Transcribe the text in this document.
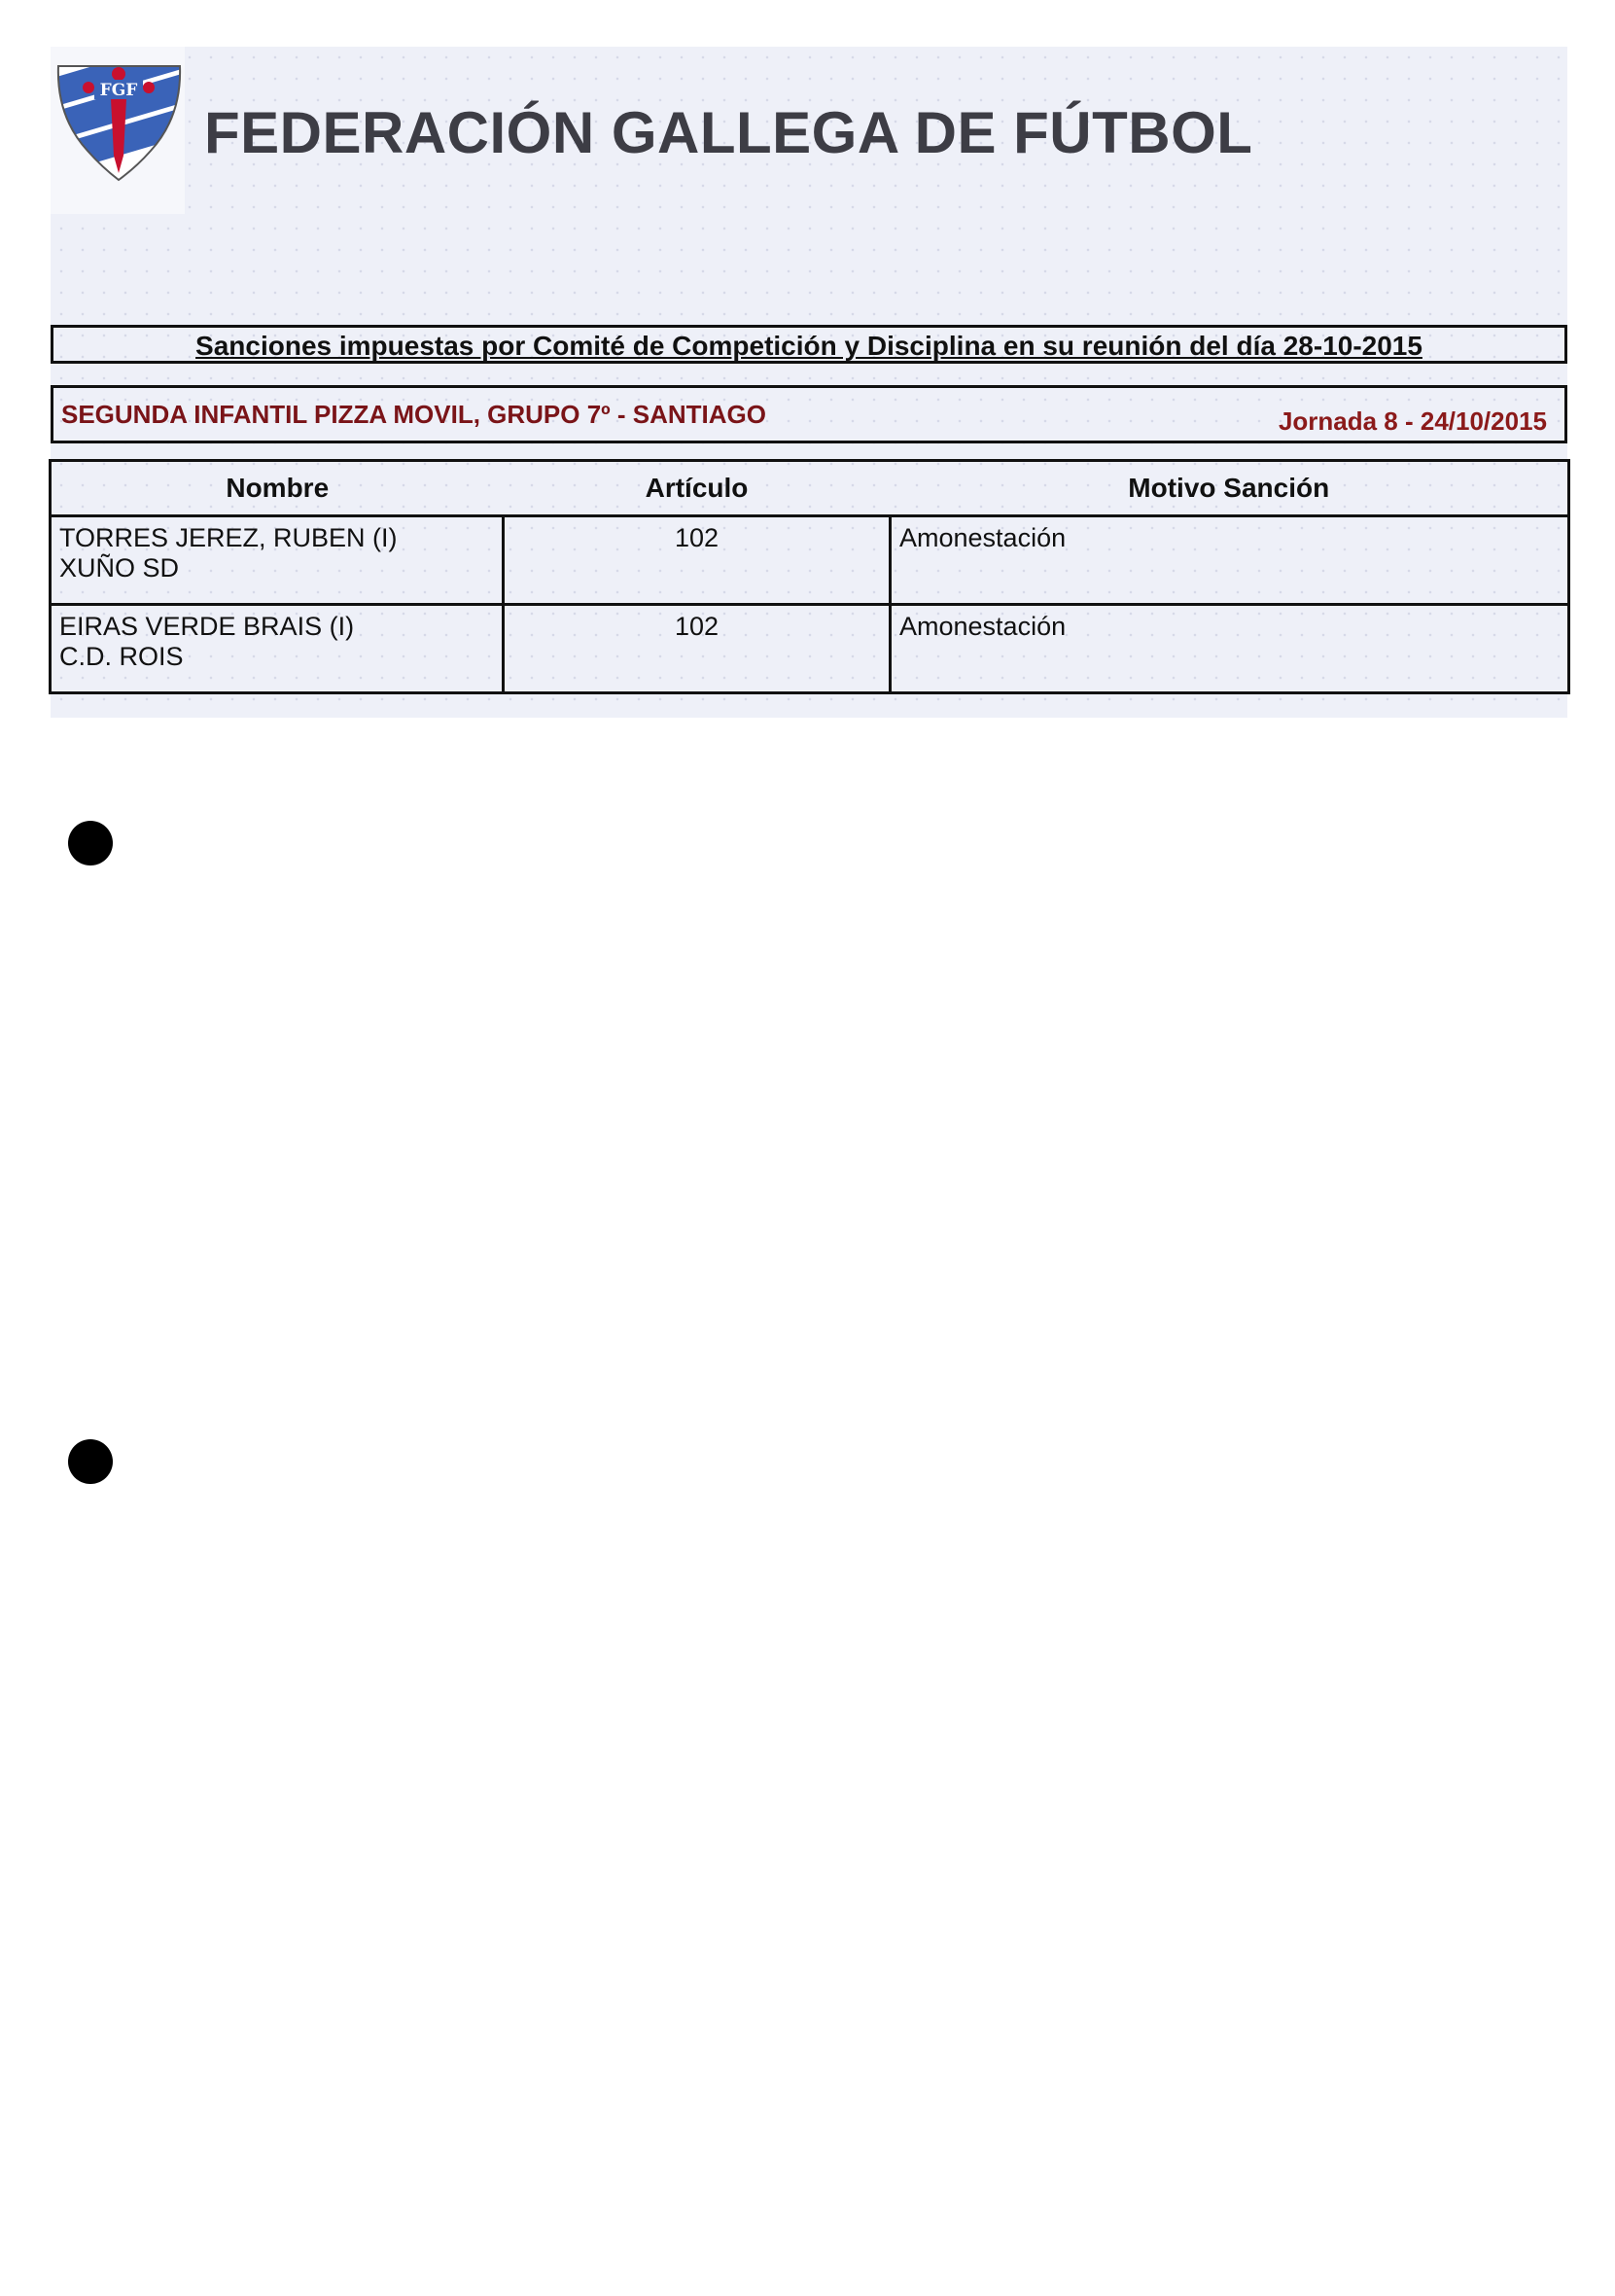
FGF
FEDERACIÓN GALLEGA DE FÚTBOL
Sanciones impuestas por Comité de Competición y Disciplina en su reunión del día 28-10-2015
SEGUNDA INFANTIL PIZZA MOVIL, GRUPO 7º - SANTIAGO	Jornada 8 - 24/10/2015
Nombre	Artículo	Motivo Sanción

TORRES JEREZ, RUBEN (I)
XUÑO SD	102	Amonestación

EIRAS VERDE BRAIS (I)
C.D. ROIS	102	Amonestación
